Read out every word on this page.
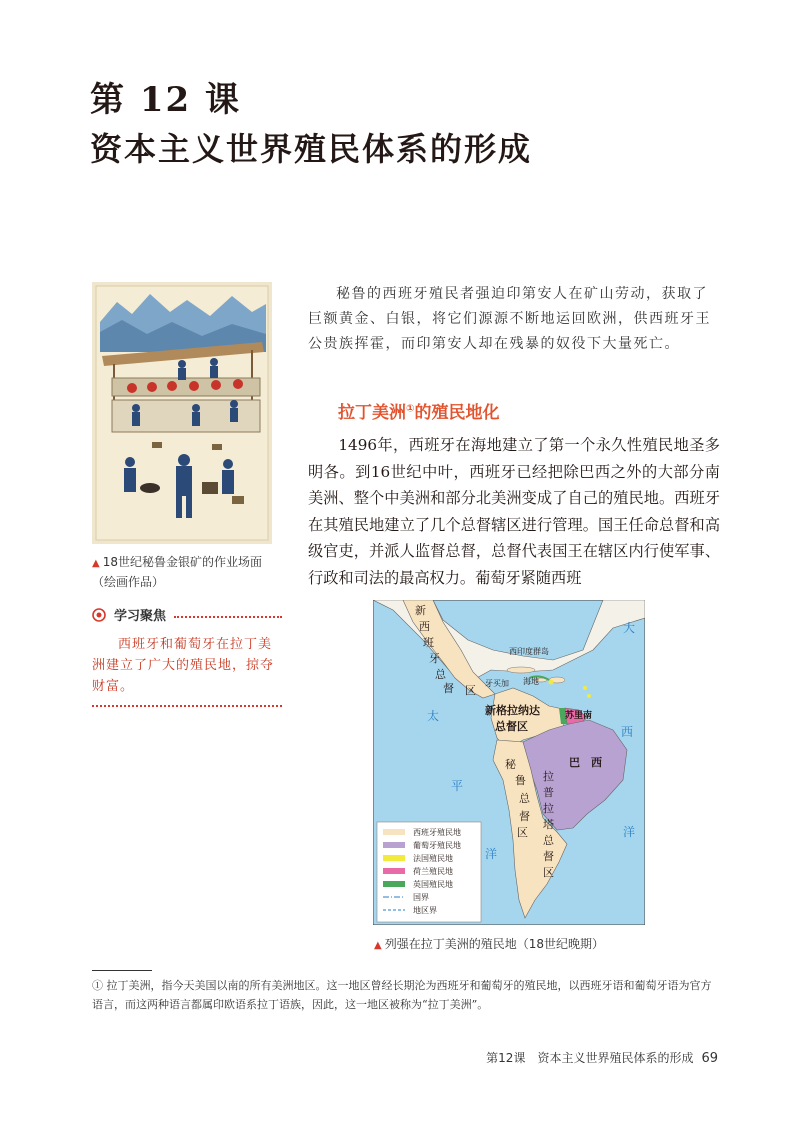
第 12 课
资本主义世界殖民体系的形成
▲ 18世纪秘鲁金银矿的作业场面
（绘画作品）
学习聚焦
西班牙和葡萄牙在拉丁美洲建立了广大的殖民地，掠夺财富。
秘鲁的西班牙殖民者强迫印第安人在矿山劳动，获取了巨额黄金、白银，将它们源源不断地运回欧洲，供西班牙王公贵族挥霍，而印第安人却在残暴的奴役下大量死亡。
拉丁美洲①的殖民地化
1496年，西班牙在海地建立了第一个永久性殖民地圣多明各。到16世纪中叶，西班牙已经把除巴西之外的大部分南美洲、整个中美洲和部分北美洲变成了自己的殖民地。西班牙在其殖民地建立了几个总督辖区进行管理。国王任命总督和高级官吏，并派人监督总督，总督代表国王在辖区内行使军事、行政和司法的最高权力。葡萄牙紧随西班
新
西
班
牙
总
督 区
西印度群岛
牙买加 海地
新格拉纳达
总督区
苏里南
巴　西
秘
鲁
总
督
区
拉
普
拉
塔
总
督
区
太
平
洋
大
西
洋
西班牙殖民地
葡萄牙殖民地
法国殖民地
荷兰殖民地
英国殖民地
国界
地区界
▲ 列强在拉丁美洲的殖民地（18世纪晚期）
① 拉丁美洲，指今天美国以南的所有美洲地区。这一地区曾经长期沦为西班牙和葡萄牙的殖民地，以西班牙语和葡萄牙语为官方语言，而这两种语言都属印欧语系拉丁语族，因此，这一地区被称为“拉丁美洲”。
第12课　资本主义世界殖民体系的形成 69
